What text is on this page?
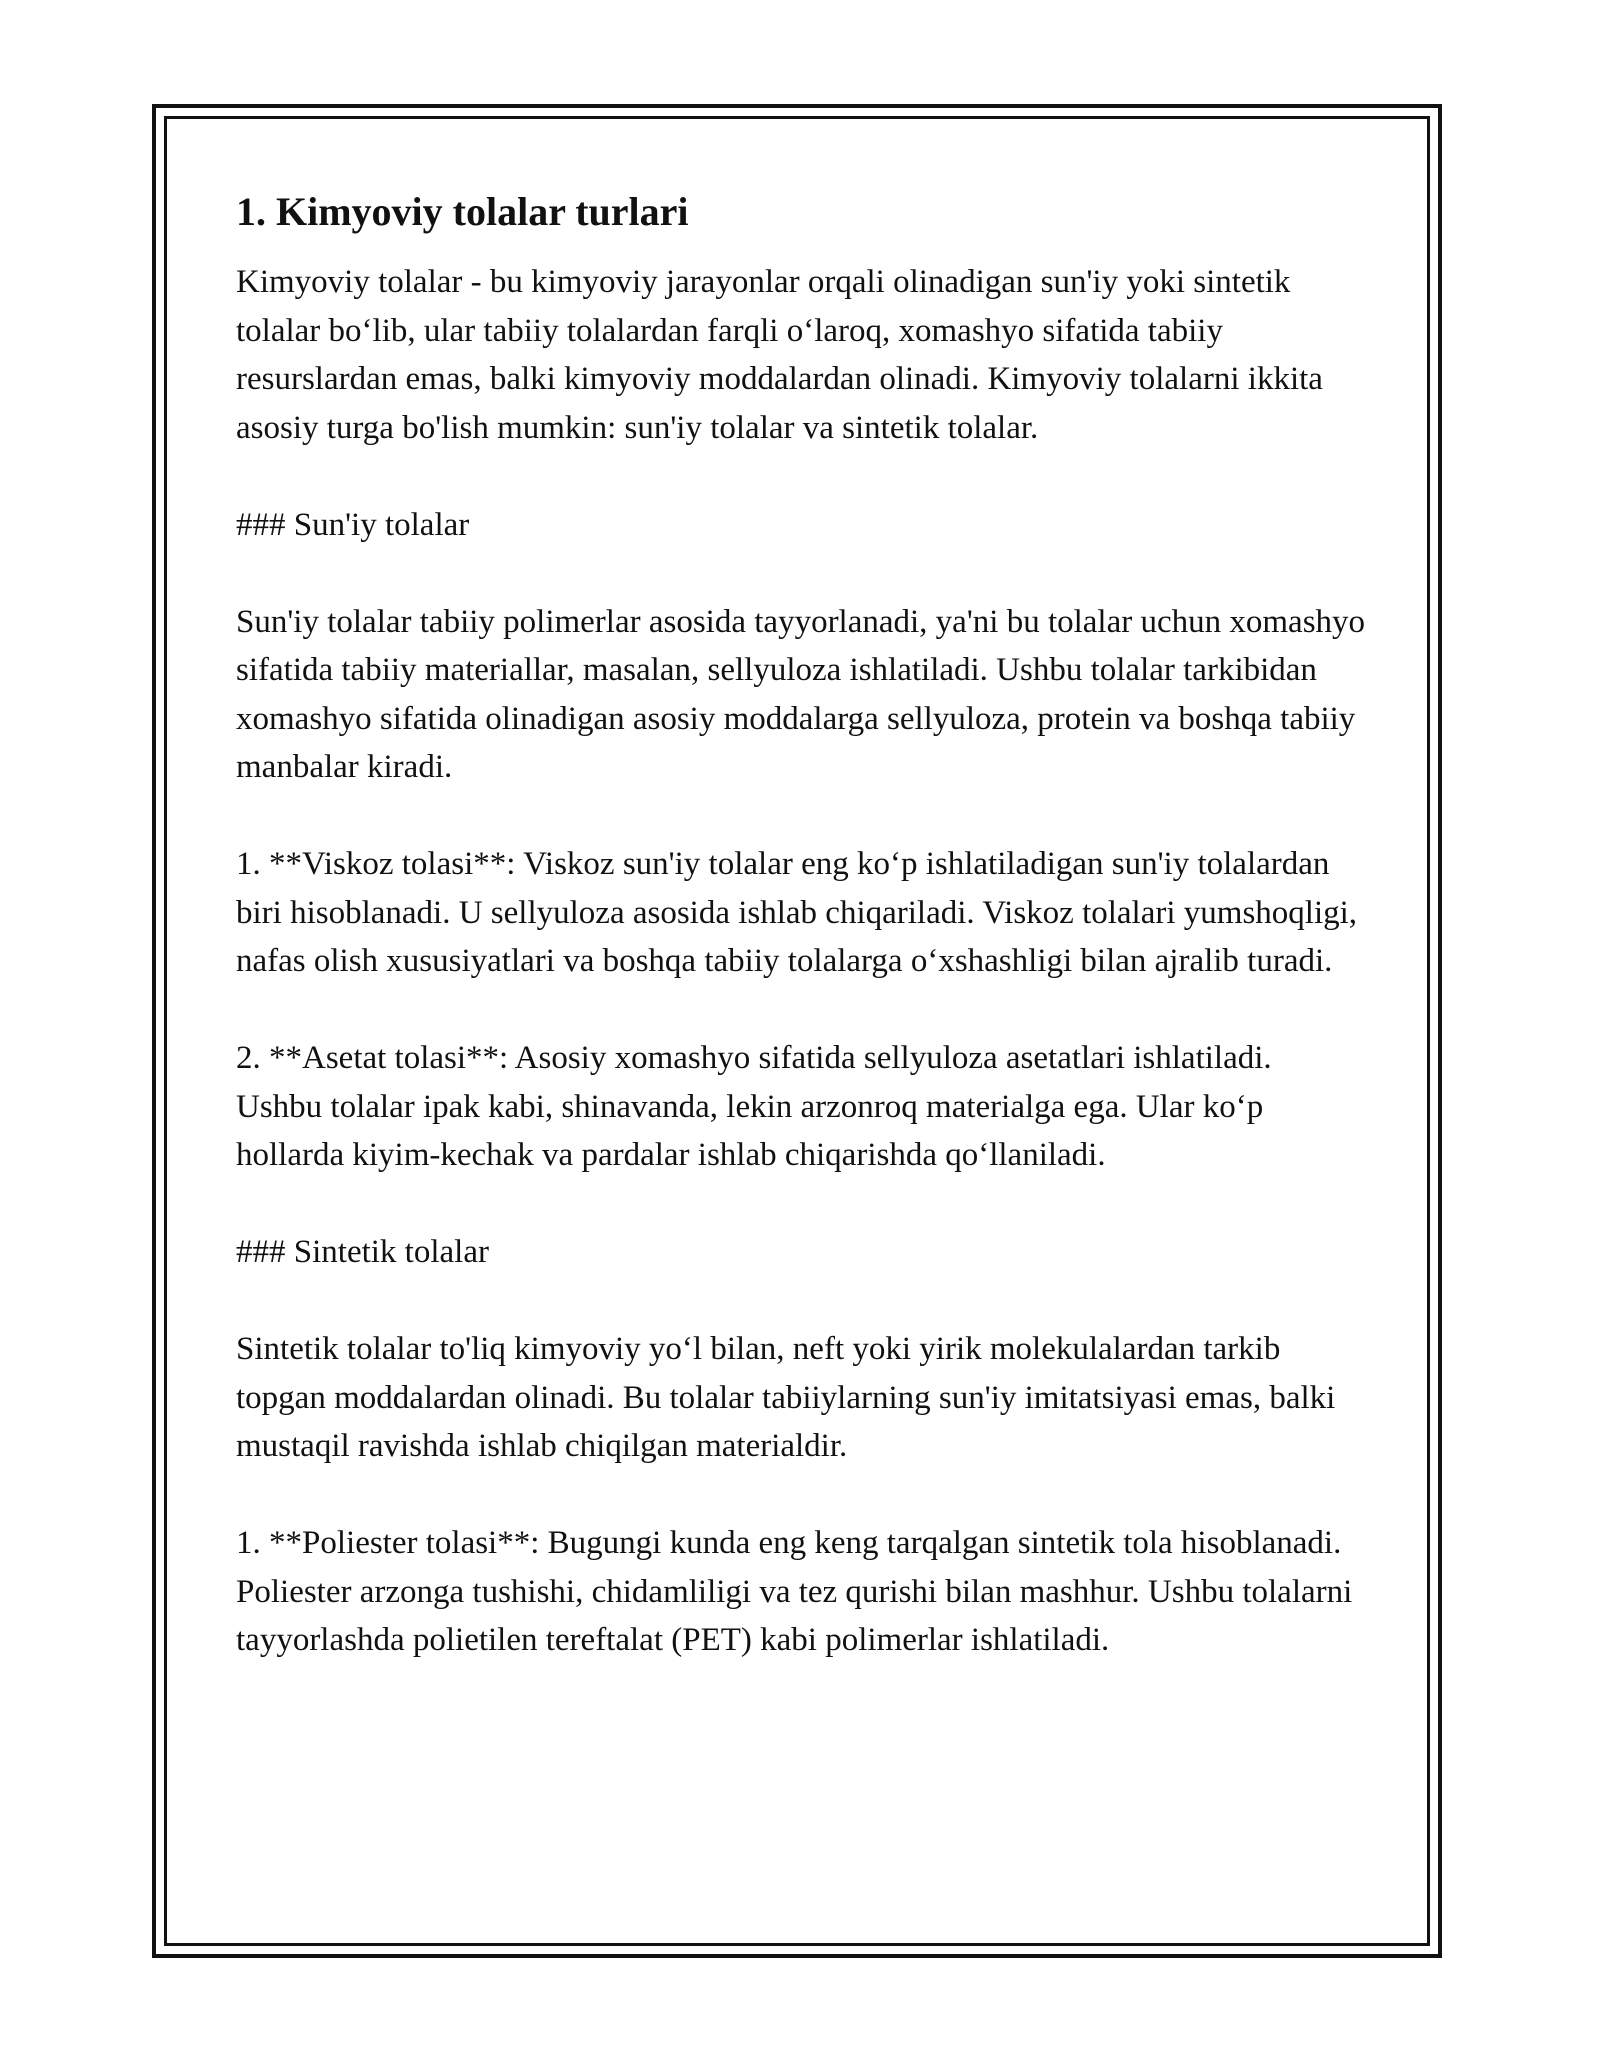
1. Kimyoviy tolalar turlari

Kimyoviy tolalar - bu kimyoviy jarayonlar orqali olinadigan sun'iy yoki sintetik tolalar bo‘lib, ular tabiiy tolalardan farqli o‘laroq, xomashyo sifatida tabiiy resurslardan emas, balki kimyoviy moddalardan olinadi. Kimyoviy tolalarni ikkita asosiy turga bo'lish mumkin: sun'iy tolalar va sintetik tolalar.

### Sun'iy tolalar

Sun'iy tolalar tabiiy polimerlar asosida tayyorlanadi, ya'ni bu tolalar uchun xomashyo sifatida tabiiy materiallar, masalan, sellyuloza ishlatiladi. Ushbu tolalar tarkibidan xomashyo sifatida olinadigan asosiy moddalarga sellyuloza, protein va boshqa tabiiy manbalar kiradi.

1. **Viskoz tolasi**: Viskoz sun'iy tolalar eng ko‘p ishlatiladigan sun'iy tolalardan biri hisoblanadi. U sellyuloza asosida ishlab chiqariladi. Viskoz tolalari yumshoqligi, nafas olish xususiyatlari va boshqa tabiiy tolalarga o‘xshashligi bilan ajralib turadi.

2. **Asetat tolasi**: Asosiy xomashyo sifatida sellyuloza asetatlari ishlatiladi. Ushbu tolalar ipak kabi, shinavanda, lekin arzonroq materialga ega. Ular ko‘p hollarda kiyim-kechak va pardalar ishlab chiqarishda qo‘llaniladi.

### Sintetik tolalar

Sintetik tolalar to'liq kimyoviy yo‘l bilan, neft yoki yirik molekulalardan tarkib topgan moddalardan olinadi. Bu tolalar tabiiylarning sun'iy imitatsiyasi emas, balki mustaqil ravishda ishlab chiqilgan materialdir.

1. **Poliester tolasi**: Bugungi kunda eng keng tarqalgan sintetik tola hisoblanadi. Poliester arzonga tushishi, chidamliligi va tez qurishi bilan mashhur. Ushbu tolalarni tayyorlashda polietilen tereftalat (PET) kabi polimerlar ishlatiladi.
